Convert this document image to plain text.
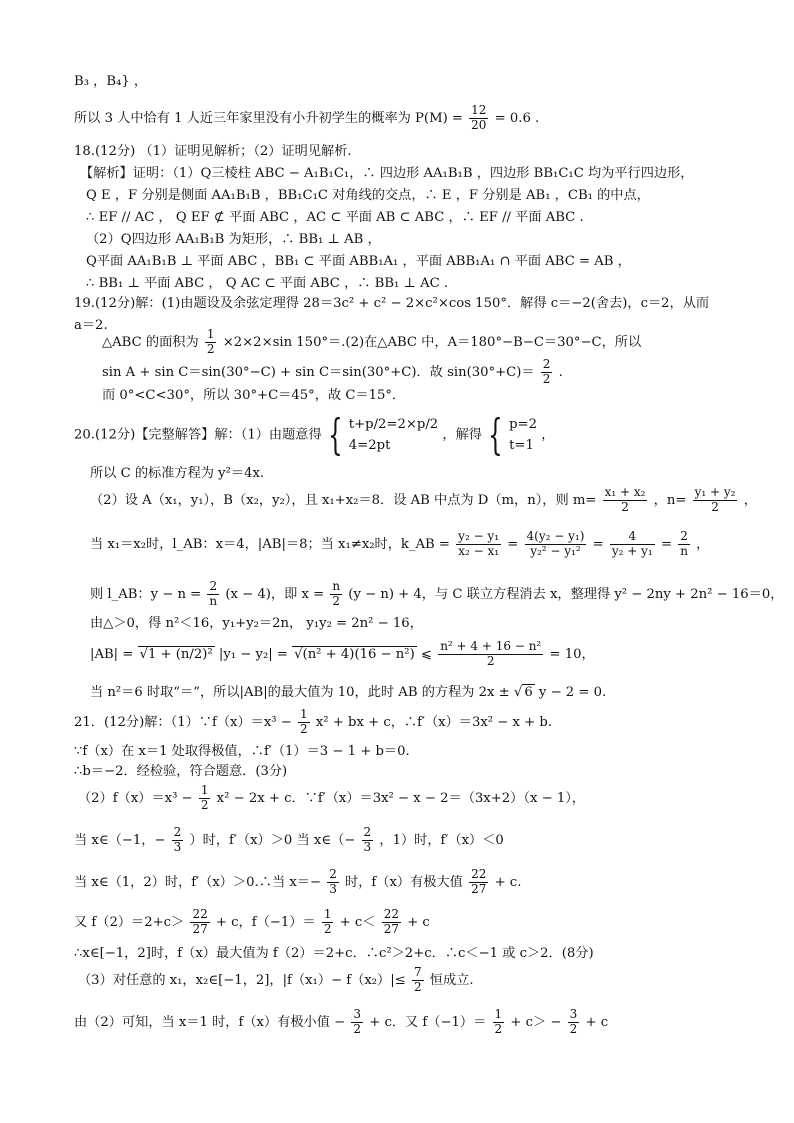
B₃ ，B₄} ，
所以 3 人中恰有 1 人近三年家里没有小升初学生的概率为 $P(M) = \frac{12}{20} = 0.6$ .
18.(12分) （1）证明见解析；（2）证明见解析.
【解析】证明：（1）Q三棱柱 ABC − A₁B₁C₁，∴ 四边形 AA₁B₁B ，四边形 BB₁C₁C 均为平行四边形，
Q E ，F 分别是侧面 AA₁B₁B ，BB₁C₁C 对角线的交点，∴ E ，F 分别是 AB₁ ，CB₁ 的中点，
∴ EF // AC ， Q EF ⊄ 平面 ABC ，AC ⊂ 平面 AB ⊂ ABC ，∴ EF // 平面 ABC .
（2）Q四边形 AA₁B₁B 为矩形，∴ BB₁ ⊥ AB ，
Q平面 AA₁B₁B ⊥ 平面 ABC ，BB₁ ⊂ 平面 ABB₁A₁ ，平面 ABB₁A₁ ∩ 平面 ABC = AB ，
∴ BB₁ ⊥ 平面 ABC ， Q AC ⊂ 平面 ABC ，∴ BB₁ ⊥ AC .
19.(12分)解：(1)由题设及余弦定理得 28＝3c² + c² − 2×c²×cos 150°．解得 c＝−2(舍去)，c＝2，从而
a＝2.
△ABC 的面积为 $\frac{1}{2} \times 2\times 2\times\sin$ 150°＝.(2)在△ABC 中，A＝180°−B−C＝30°−C，所以
sin A + sin C＝sin(30°−C) + sin C＝sin(30°+C)．故 $\sin(30^\circ+C)= \frac{2}{2}$ .
而 0°<C<30°，所以 30°+C＝45°，故 C＝15°．
20.(12分)【完整解答】解：（1）由题意得 { t+p/2=2×p/2
4=2pt
，解得 { p=2
t=1
，
所以 C 的标准方程为 y²＝4x.
（2）设 A（x₁，y₁），B（x₂，y₂），且 x₁+x₂＝8．设 AB 中点为 D（m，n），则 $m= \frac{\text{x₁ + x₂}}{2}$ ，$n= \frac{\text{y₁ + y₂}}{2}$ ，
当 x₁＝x₂时，l_AB：x＝4，|AB|＝8；当 x₁≠x₂时，k_AB = $\frac{\text{y₂ − y₁}}{\text{x₂ − x₁}} = \frac{\text{4(y₂ − y₁)}}{\text{y₂² − y₁²}} = \frac{4}{\text{y₂ + y₁}} = \frac{2}{n}$ ，
则 l_AB：$y - n = \frac{2}{n} (x - 4)$，即 $x = \frac{n}{2} (y - n) + 4$，与 C 联立方程消去 x，整理得 y² − 2ny + 2n² − 16＝0，
由△＞0，得 n²＜16，y₁+y₂＝2n， y₁y₂ = 2n² − 16，
|AB| = √1 + (n/2)² |y₁ − y₂| = √(n² + 4)(16 − n²) ⩽ $\frac{\text{n² + 4 + 16 − n²}}{2} = 10$，
当 n²＝6 时取“＝”，所以|AB|的最大值为 10，此时 AB 的方程为 2x ± √ 6 y − 2 = 0.
21．(12分)解：（1）∵f（x）＝x³ − $\frac{1}{2} x^2$ + bx + c，∴f′（x）＝3x² − x + b.
∵f（x）在 x＝1 处取得极值，∴f′（1）＝3 − 1 + b＝0.
∴b＝−2．经检验，符合题意．(3分)
$(2)f(x)=x^3 - \frac{1}{2} x^2 - 2x + c$．∵f′（x）＝3x² − x − 2＝（3x+2）（x − 1），
当 x∈（−1，− $\frac{2}{3}$ ）时，f′（x）＞0 当 x∈（− $\frac{2}{3}$ ，1）时，f′（x）＜0
当 x∈（1，2）时，f′（x）＞0.∴当 $x=- \frac{2}{3}$ 时，f（x）有极大值 $\frac{22}{27} + c$.
又 $f(2)=2+c> \frac{22}{27} + c$，$f(-1)= \frac{1}{2} + c< \frac{22}{27} + c$
∴x∈[−1，2]时，f（x）最大值为 f（2）＝2+c．∴c²＞2+c．∴c＜−1 或 c＞2．(8分)
（3）对任意的 x₁，x₂∈[−1，2]，$|f(x_1)- f(x_2)|\le \frac{7}{2}$ 恒成立.
由（2）可知，当 x＝1 时，f（x）有极小值 − $\frac{3}{2} + c$．又 $f(-1)= \frac{1}{2} + c> - \frac{3}{2} + c$
